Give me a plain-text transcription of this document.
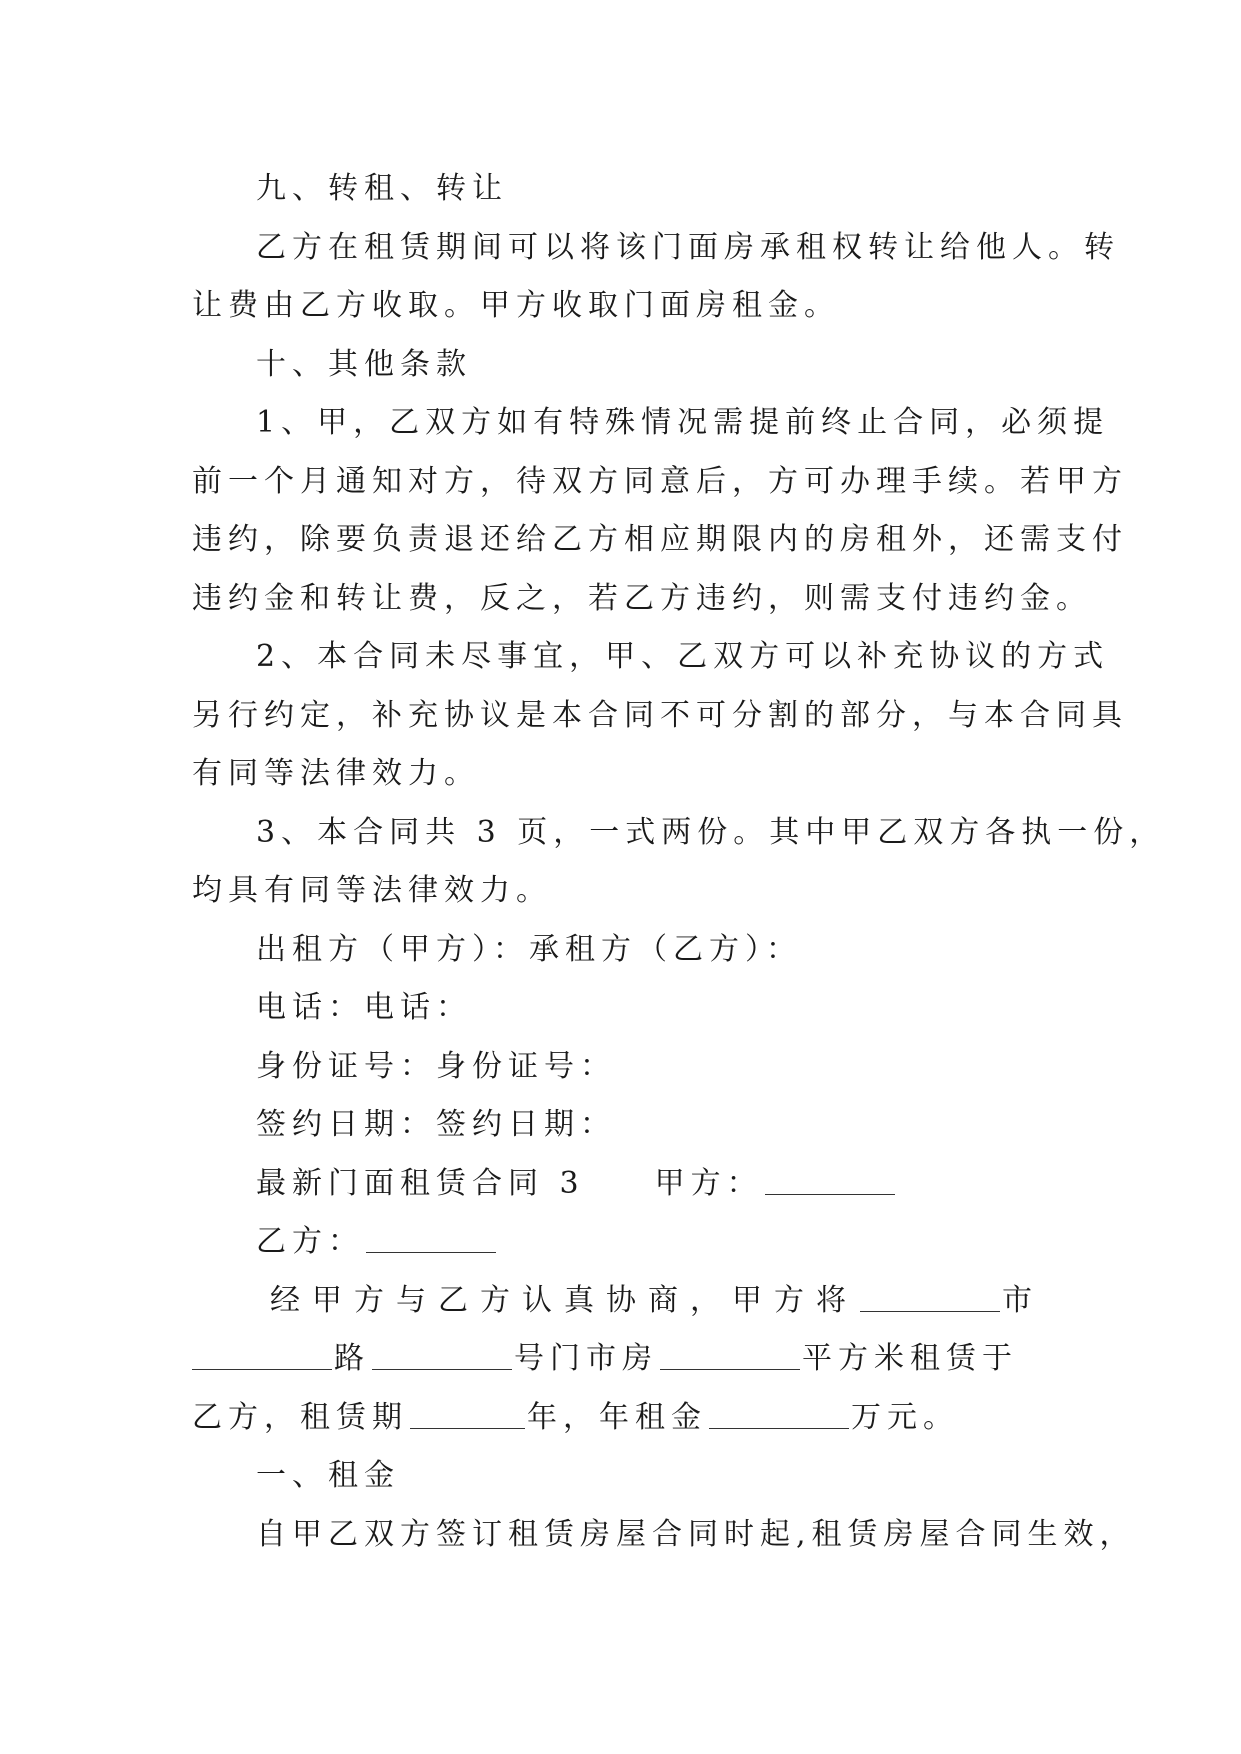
九、转租、转让
乙方在租赁期间可以将该门面房承租权转让给他人。转
让费由乙方收取。甲方收取门面房租金。
十、其他条款
1、甲，乙双方如有特殊情况需提前终止合同，必须提
前一个月通知对方，待双方同意后，方可办理手续。若甲方
违约，除要负责退还给乙方相应期限内的房租外，还需支付
违约金和转让费，反之，若乙方违约，则需支付违约金。
2、本合同未尽事宜，甲、乙双方可以补充协议的方式
另行约定，补充协议是本合同不可分割的部分，与本合同具
有同等法律效力。
3、本合同共 3 页，一式两份。其中甲乙双方各执一份，
均具有同等法律效力。
出租方（甲方）：承租方（乙方）：
电话：电话：
身份证号：身份证号：
签约日期：签约日期：
最新门面租赁合同 3 甲方：
乙方：
经甲方与乙方认真协商，甲方将	市
路	号门市房	平方米租赁于
乙方，租赁期	年，年租金	万元。
一、租金
自甲乙双方签订租赁房屋合同时起,租赁房屋合同生效，
